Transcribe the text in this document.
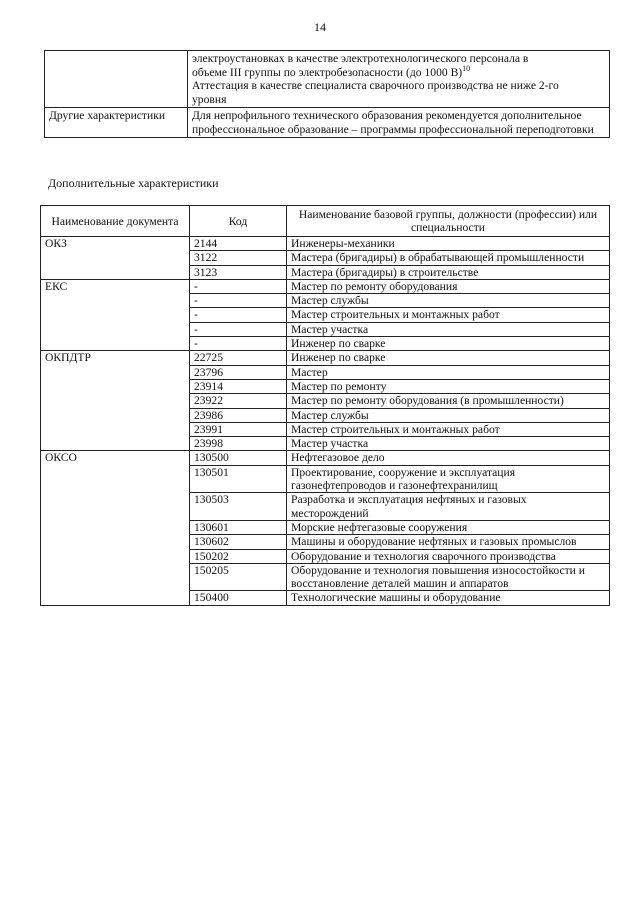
14

	электроустановках в качестве электротехнологического персонала в
объеме III группы по электробезопасности (до 1000 В)$^{10}$
Аттестация в качестве специалиста сварочного производства не ниже 2-го
уровня

Другие характеристики	Для непрофильного технического образования рекомендуется дополнительное профессиональное образование – программы профессиональной переподготовки
Дополнительные характеристики
Наименование документа	Код	Наименование базовой группы, должности (профессии) или специальности
ОКЗ	2144	Инженеры-механики
	3122	Мастера (бригадиры) в обрабатывающей промышленности
	3123	Мастера (бригадиры) в строительстве
ЕКС	-	Мастер по ремонту оборудования
	-	Мастер службы
	-	Мастер строительных и монтажных работ
	-	Мастер участка
	-	Инженер по сварке
ОКПДТР	22725	Инженер по сварке
	23796	Мастер
	23914	Мастер по ремонту
	23922	Мастер по ремонту оборудования (в промышленности)
	23986	Мастер службы
	23991	Мастер строительных и монтажных работ
	23998	Мастер участка
ОКСО	130500	Нефтегазовое дело
	130501	Проектирование, сооружение и эксплуатация газонефтепроводов и газонефтехранилищ
	130503	Разработка и эксплуатация нефтяных и газовых месторождений
	130601	Морские нефтегазовые сооружения
	130602	Машины и оборудование нефтяных и газовых промыслов
	150202	Оборудование и технология сварочного производства
	150205	Оборудование и технология повышения износостойкости и восстановление деталей машин и аппаратов
	150400	Технологические машины и оборудование
